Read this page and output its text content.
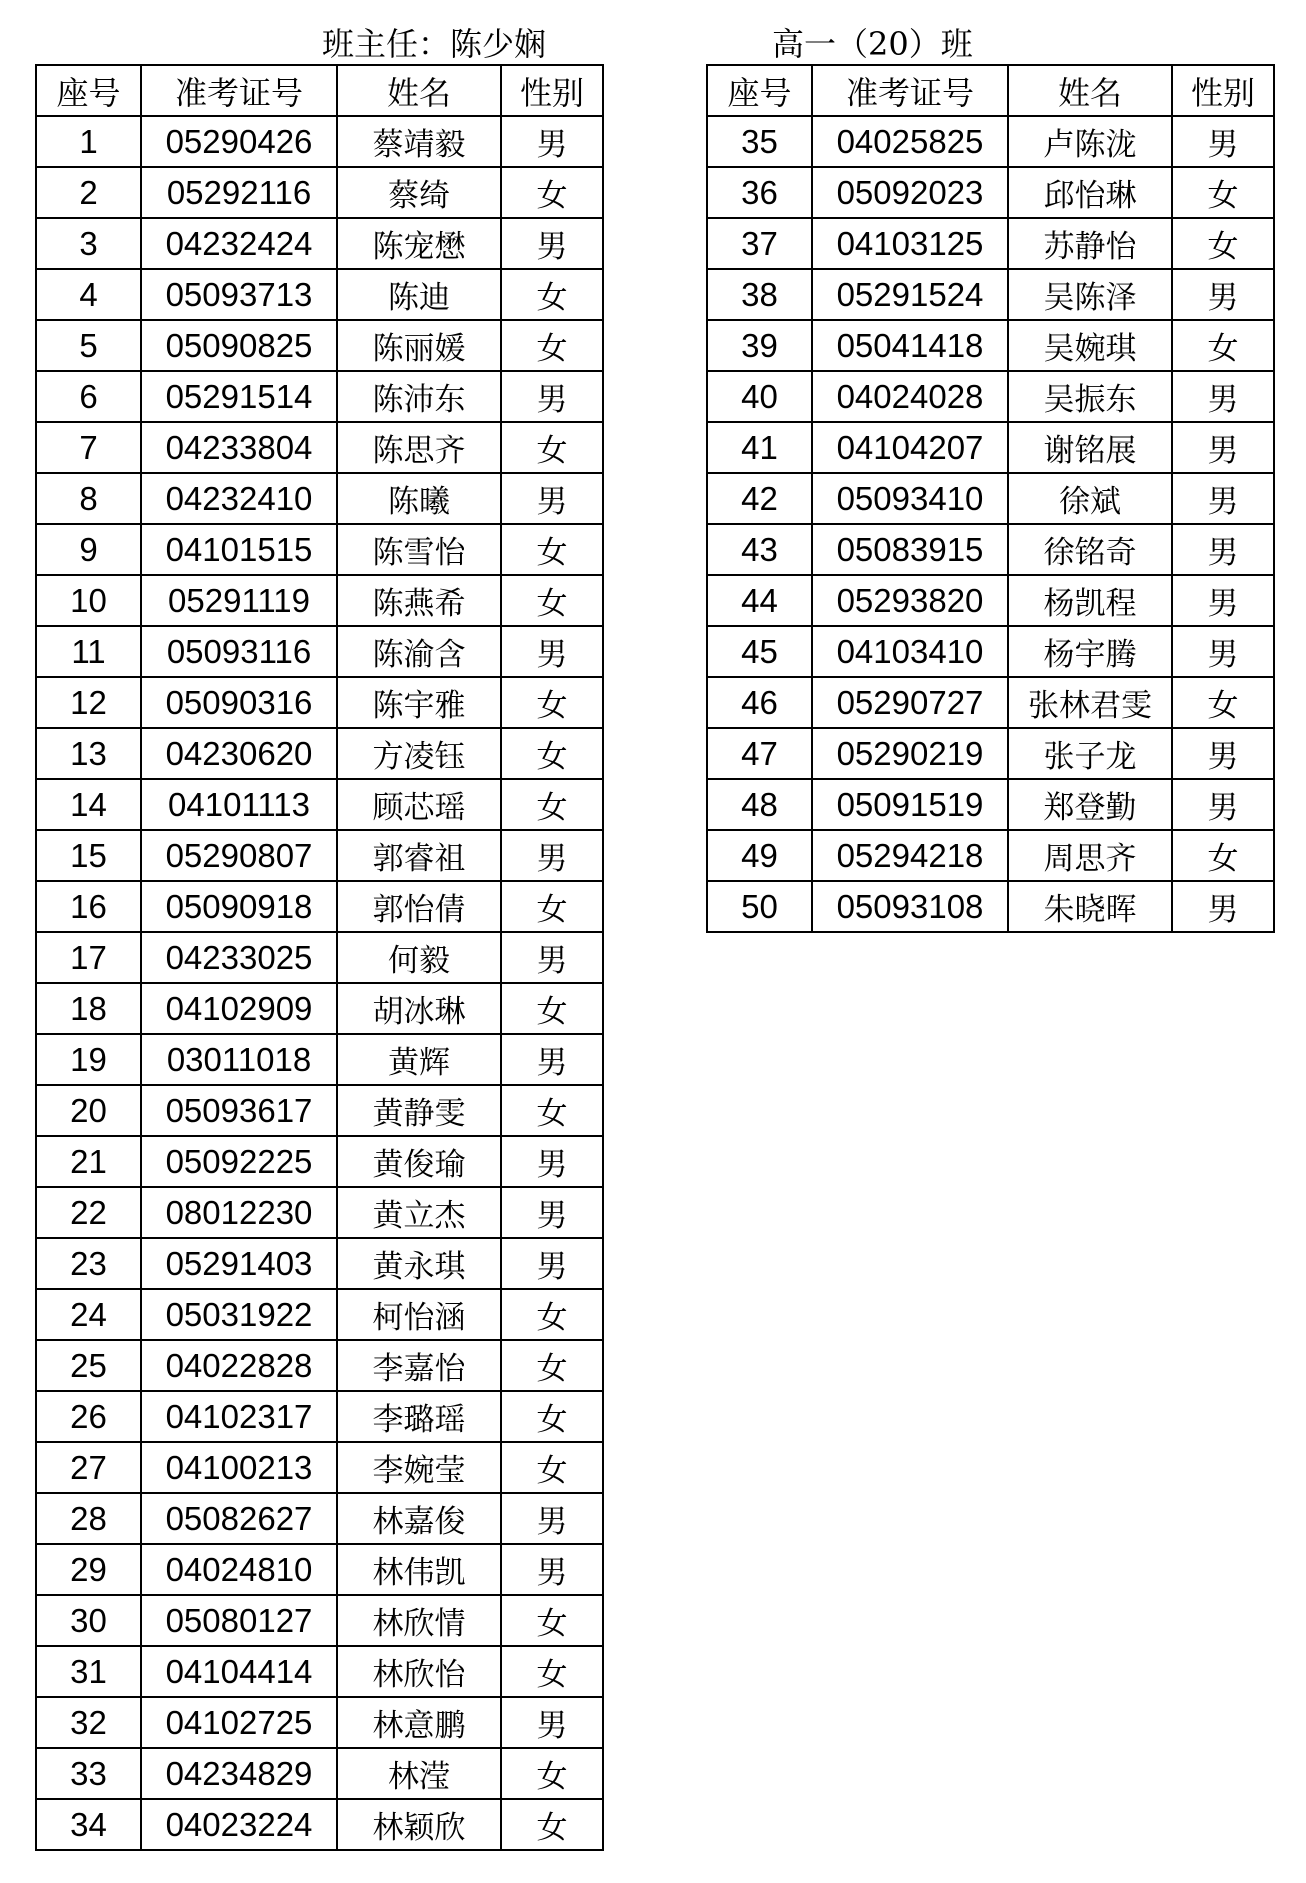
班主任：陈少娴	高一（20）班
座号	准考证号	姓名	性别
1	05290426	蔡靖毅	男
2	05292116	蔡绮	女
3	04232424	陈宠懋	男
4	05093713	陈迪	女
5	05090825	陈丽媛	女
6	05291514	陈沛东	男
7	04233804	陈思齐	女
8	04232410	陈曦	男
9	04101515	陈雪怡	女
10	05291119	陈燕希	女
11	05093116	陈渝含	男
12	05090316	陈宇雅	女
13	04230620	方凌钰	女
14	04101113	顾芯瑶	女
15	05290807	郭睿祖	男
16	05090918	郭怡倩	女
17	04233025	何毅	男
18	04102909	胡冰琳	女
19	03011018	黄辉	男
20	05093617	黄静雯	女
21	05092225	黄俊瑜	男
22	08012230	黄立杰	男
23	05291403	黄永琪	男
24	05031922	柯怡涵	女
25	04022828	李嘉怡	女
26	04102317	李璐瑶	女
27	04100213	李婉莹	女
28	05082627	林嘉俊	男
29	04024810	林伟凯	男
30	05080127	林欣情	女
31	04104414	林欣怡	女
32	04102725	林意鹏	男
33	04234829	林滢	女
34	04023224	林颖欣	女
座号	准考证号	姓名	性别
35	04025825	卢陈泷	男
36	05092023	邱怡琳	女
37	04103125	苏静怡	女
38	05291524	吴陈泽	男
39	05041418	吴婉琪	女
40	04024028	吴振东	男
41	04104207	谢铭展	男
42	05093410	徐斌	男
43	05083915	徐铭奇	男
44	05293820	杨凯程	男
45	04103410	杨宇腾	男
46	05290727	张林君雯	女
47	05290219	张子龙	男
48	05091519	郑登勤	男
49	05294218	周思齐	女
50	05093108	朱晓晖	男
